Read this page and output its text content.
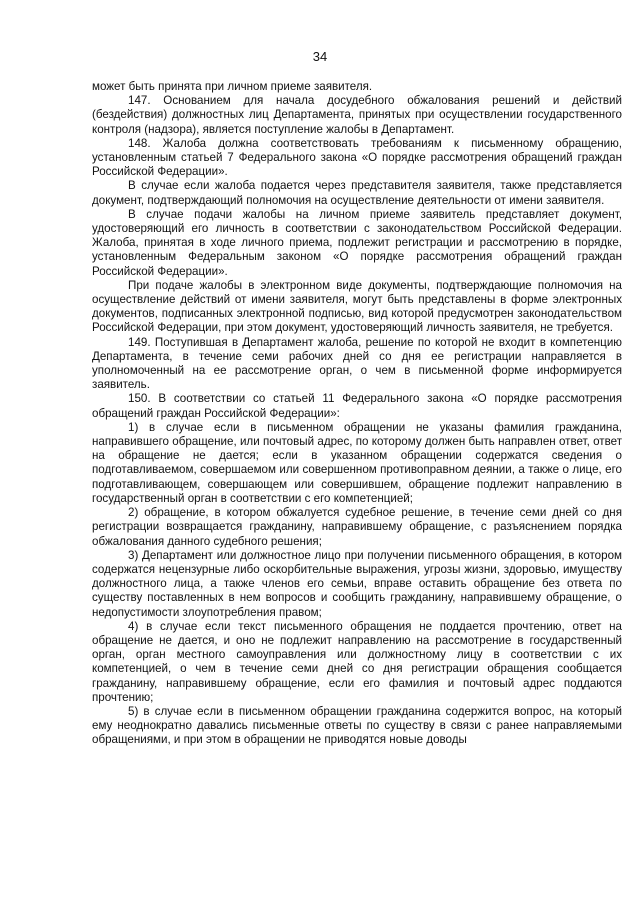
34

может быть принята при личном приеме заявителя.

147. Основанием для начала досудебного обжалования решений и действий (бездействия) должностных лиц Департамента, принятых при осуществлении государственного контроля (надзора), является поступление жалобы в Департамент.

148. Жалоба должна соответствовать требованиям к письменному обращению, установленным статьей 7 Федерального закона «О порядке рассмотрения обращений граждан Российской Федерации».

В случае если жалоба подается через представителя заявителя, также представляется документ, подтверждающий полномочия на осуществление деятельности от имени заявителя.

В случае подачи жалобы на личном приеме заявитель представляет документ, удостоверяющий его личность в соответствии с законодательством Российской Федерации. Жалоба, принятая в ходе личного приема, подлежит регистрации и рассмотрению в порядке, установленным Федеральным законом «О порядке рассмотрения обращений граждан Российской Федерации».

При подаче жалобы в электронном виде документы, подтверждающие полномочия на осуществление действий от имени заявителя, могут быть представлены в форме электронных документов, подписанных электронной подписью, вид которой предусмотрен законодательством Российской Федерации, при этом документ, удостоверяющий личность заявителя, не требуется.

149. Поступившая в Департамент жалоба, решение по которой не входит в компетенцию Департамента, в течение семи рабочих дней со дня ее регистрации направляется в уполномоченный на ее рассмотрение орган, о чем в письменной форме информируется заявитель.

150. В соответствии со статьей 11 Федерального закона «О порядке рассмотрения обращений граждан Российской Федерации»:

1) в случае если в письменном обращении не указаны фамилия гражданина, направившего обращение, или почтовый адрес, по которому должен быть направлен ответ, ответ на обращение не дается; если в указанном обращении содержатся сведения о подготавливаемом, совершаемом или совершенном противоправном деянии, а также о лице, его подготавливающем, совершающем или совершившем, обращение подлежит направлению в государственный орган в соответствии с его компетенцией;

2) обращение, в котором обжалуется судебное решение, в течение семи дней со дня регистрации возвращается гражданину, направившему обращение, с разъяснением порядка обжалования данного судебного решения;

3) Департамент или должностное лицо при получении письменного обращения, в котором содержатся нецензурные либо оскорбительные выражения, угрозы жизни, здоровью, имуществу должностного лица, а также членов его семьи, вправе оставить обращение без ответа по существу поставленных в нем вопросов и сообщить гражданину, направившему обращение, о недопустимости злоупотребления правом;

4) в случае если текст письменного обращения не поддается прочтению, ответ на обращение не дается, и оно не подлежит направлению на рассмотрение в государственный орган, орган местного самоуправления или должностному лицу в соответствии с их компетенцией, о чем в течение семи дней со дня регистрации обращения сообщается гражданину, направившему обращение, если его фамилия и почтовый адрес поддаются прочтению;

5) в случае если в письменном обращении гражданина содержится вопрос, на который ему неоднократно давались письменные ответы по существу в связи с ранее направляемыми обращениями, и при этом в обращении не приводятся новые доводы
